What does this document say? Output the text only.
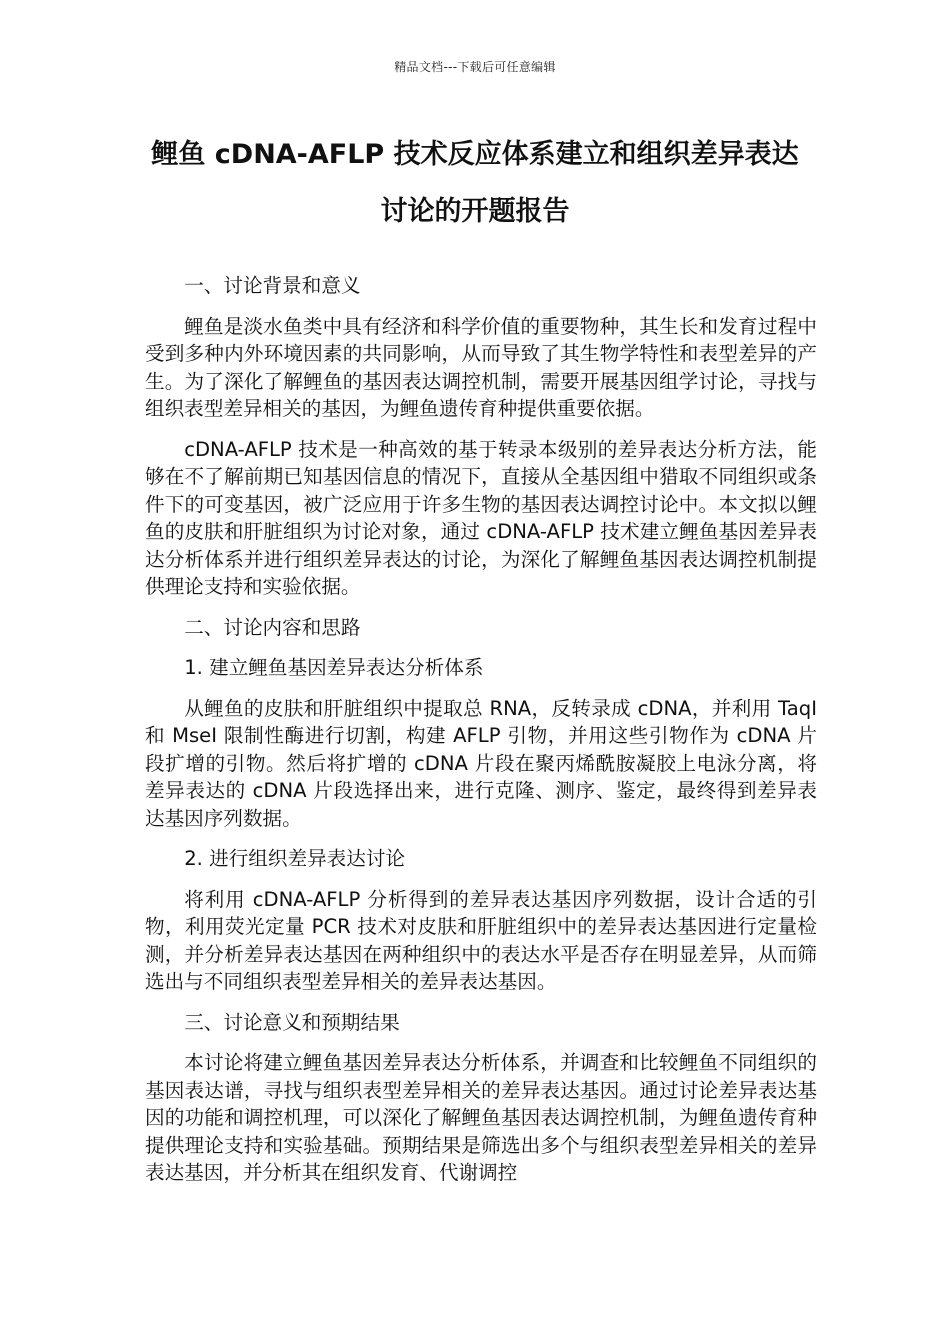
精品文档---下载后可任意编辑
鲤鱼 cDNA-AFLP 技术反应体系建立和组织差异表达
讨论的开题报告

一、讨论背景和意义

鲤鱼是淡水鱼类中具有经济和科学价值的重要物种，其生长和发育过程中受到多种内外环境因素的共同影响，从而导致了其生物学特性和表型差异的产生。为了深化了解鲤鱼的基因表达调控机制，需要开展基因组学讨论，寻找与组织表型差异相关的基因，为鲤鱼遗传育种提供重要依据。

cDNA-AFLP 技术是一种高效的基于转录本级别的差异表达分析方法，能够在不了解前期已知基因信息的情况下，直接从全基因组中猎取不同组织或条件下的可变基因，被广泛应用于许多生物的基因表达调控讨论中。本文拟以鲤鱼的皮肤和肝脏组织为讨论对象，通过 cDNA-AFLP 技术建立鲤鱼基因差异表达分析体系并进行组织差异表达的讨论，为深化了解鲤鱼基因表达调控机制提供理论支持和实验依据。

二、讨论内容和思路

1. 建立鲤鱼基因差异表达分析体系

从鲤鱼的皮肤和肝脏组织中提取总 RNA，反转录成 cDNA，并利用 TaqI 和 MseI 限制性酶进行切割，构建 AFLP 引物，并用这些引物作为 cDNA 片段扩增的引物。然后将扩增的 cDNA 片段在聚丙烯酰胺凝胶上电泳分离，将差异表达的 cDNA 片段选择出来，进行克隆、测序、鉴定，最终得到差异表达基因序列数据。

2. 进行组织差异表达讨论

将利用 cDNA-AFLP 分析得到的差异表达基因序列数据，设计合适的引物，利用荧光定量 PCR 技术对皮肤和肝脏组织中的差异表达基因进行定量检测，并分析差异表达基因在两种组织中的表达水平是否存在明显差异，从而筛选出与不同组织表型差异相关的差异表达基因。

三、讨论意义和预期结果

本讨论将建立鲤鱼基因差异表达分析体系，并调查和比较鲤鱼不同组织的基因表达谱，寻找与组织表型差异相关的差异表达基因。通过讨论差异表达基因的功能和调控机理，可以深化了解鲤鱼基因表达调控机制，为鲤鱼遗传育种提供理论支持和实验基础。预期结果是筛选出多个与组织表型差异相关的差异表达基因，并分析其在组织发育、代谢调控
